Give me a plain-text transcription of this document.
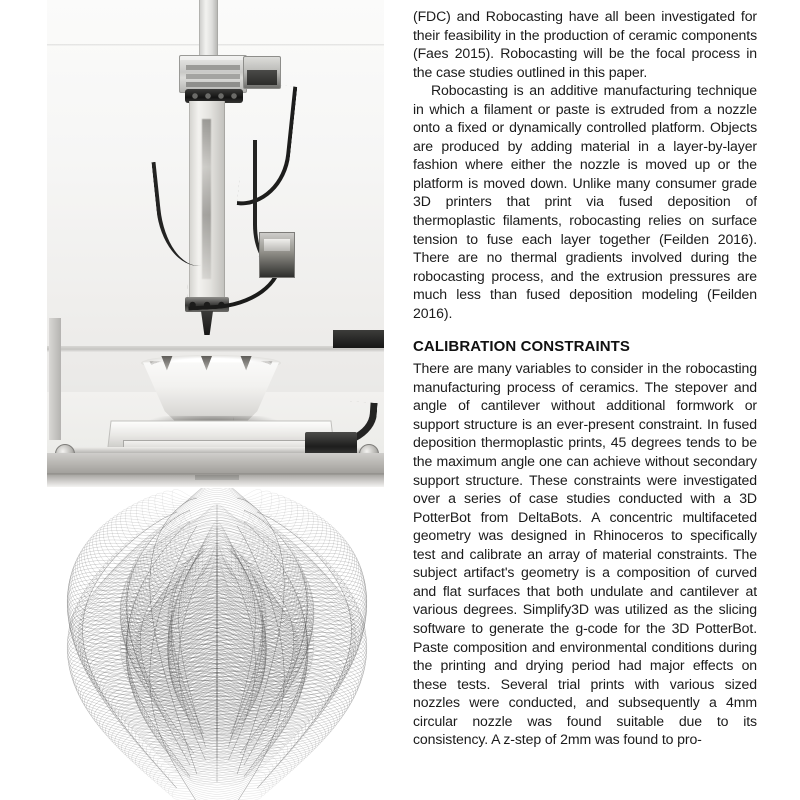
(FDC) and Robocasting have all been investigated for their feasibility in the production of ceramic components (Faes 2015). Robocasting will be the focal process in the case studies outlined in this paper.

Robocasting is an additive manufacturing technique in which a filament or paste is extruded from a nozzle onto a fixed or dynamically controlled platform. Objects are produced by adding material in a layer-by-layer fashion where either the nozzle is moved up or the platform is moved down. Unlike many consumer grade 3D printers that print via fused deposition of thermoplastic filaments, robocasting relies on surface tension to fuse each layer together (Feilden 2016). There are no thermal gradients involved during the robocasting process, and the extrusion pressures are much less than fused deposition modeling (Feilden 2016).

CALIBRATION CONSTRAINTS

There are many variables to consider in the robocasting manufacturing process of ceramics. The stepover and angle of cantilever without additional formwork or support structure is an ever-present constraint. In fused deposition thermoplastic prints, 45 degrees tends to be the maximum angle one can achieve without secondary support structure. These constraints were investigated over a series of case studies conducted with a 3D PotterBot from DeltaBots. A concentric multifaceted geometry was designed in Rhinoceros to specifically test and calibrate an array of material constraints. The subject artifact's geometry is a composition of curved and flat surfaces that both undulate and cantilever at various degrees. Simplify3D was utilized as the slicing software to generate the g-code for the 3D PotterBot. Paste composition and environmental conditions during the printing and drying period had major effects on these tests. Several trial prints with various sized nozzles were conducted, and subsequently a 4mm circular nozzle was found suitable due to its consistency. A z-step of 2mm was found to pro-
